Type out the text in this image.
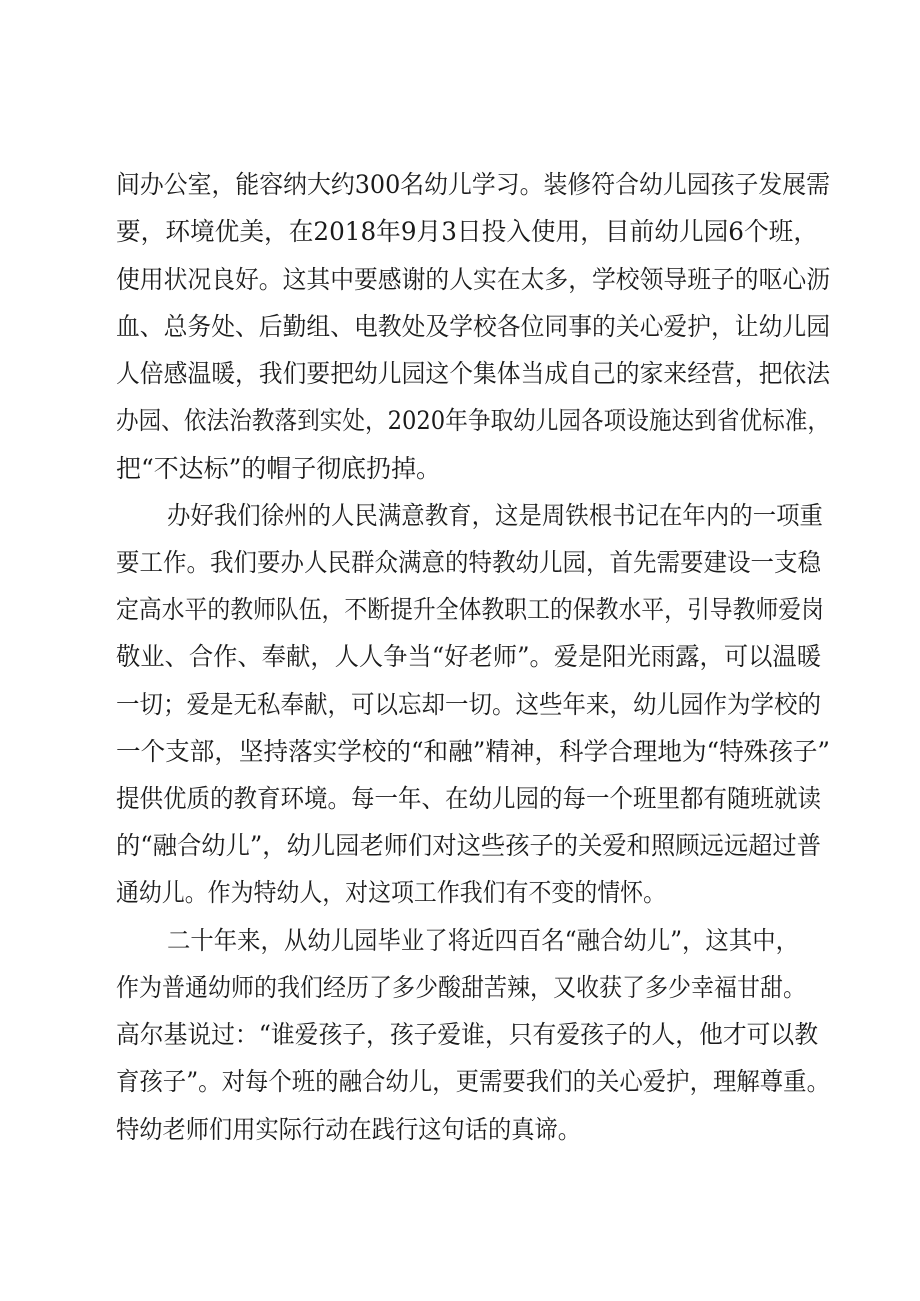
间办公室，能容纳大约300名幼儿学习。装修符合幼儿园孩子发展需
要，环境优美，在2018年9月3日投入使用，目前幼儿园6个班，
使用状况良好。这其中要感谢的人实在太多，学校领导班子的呕心沥
血、总务处、后勤组、电教处及学校各位同事的关心爱护，让幼儿园
人倍感温暖，我们要把幼儿园这个集体当成自己的家来经营，把依法
办园、依法治教落到实处，2020年争取幼儿园各项设施达到省优标准，
把“不达标”的帽子彻底扔掉。
办好我们徐州的人民满意教育，这是周铁根书记在年内的一项重
要工作。我们要办人民群众满意的特教幼儿园，首先需要建设一支稳
定高水平的教师队伍，不断提升全体教职工的保教水平，引导教师爱岗
敬业、合作、奉献，人人争当“好老师”。爱是阳光雨露，可以温暖
一切；爱是无私奉献，可以忘却一切。这些年来，幼儿园作为学校的
一个支部，坚持落实学校的“和融”精神，科学合理地为“特殊孩子”
提供优质的教育环境。每一年、在幼儿园的每一个班里都有随班就读
的“融合幼儿”，幼儿园老师们对这些孩子的关爱和照顾远远超过普
通幼儿。作为特幼人，对这项工作我们有不变的情怀。
二十年来，从幼儿园毕业了将近四百名“融合幼儿”，这其中，
作为普通幼师的我们经历了多少酸甜苦辣，又收获了多少幸福甘甜。
高尔基说过：“谁爱孩子，孩子爱谁，只有爱孩子的人，他才可以教
育孩子”。对每个班的融合幼儿，更需要我们的关心爱护，理解尊重。
特幼老师们用实际行动在践行这句话的真谛。
